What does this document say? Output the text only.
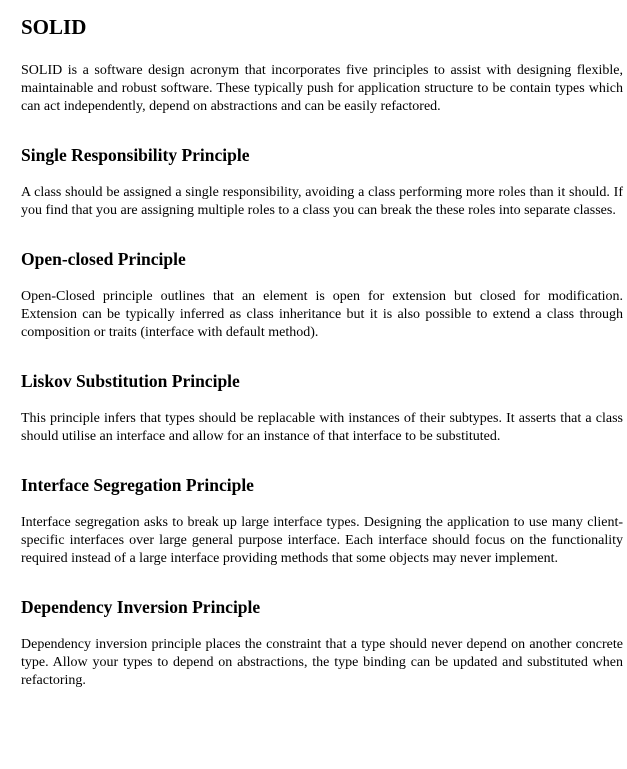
SOLID

SOLID is a software design acronym that incorporates five principles to assist with designing flexible, maintainable and robust software. These typically push for application structure to be contain types which can act independently, depend on abstractions and can be easily refactored.

Single Responsibility Principle

A class should be assigned a single responsibility, avoiding a class performing more roles than it should. If you find that you are assigning multiple roles to a class you can break the these roles into separate classes.

Open-closed Principle

Open-Closed principle outlines that an element is open for extension but closed for modification. Extension can be typically inferred as class inheritance but it is also possible to extend a class through composition or traits (interface with default method).

Liskov Substitution Principle

This principle infers that types should be replacable with instances of their subtypes. It asserts that a class should utilise an interface and allow for an instance of that interface to be substituted.

Interface Segregation Principle

Interface segregation asks to break up large interface types. Designing the application to use many client-specific interfaces over large general purpose interface. Each interface should focus on the functionality required instead of a large interface providing methods that some objects may never implement.

Dependency Inversion Principle

Dependency inversion principle places the constraint that a type should never depend on another concrete type. Allow your types to depend on abstractions, the type binding can be updated and substituted when refactoring.
